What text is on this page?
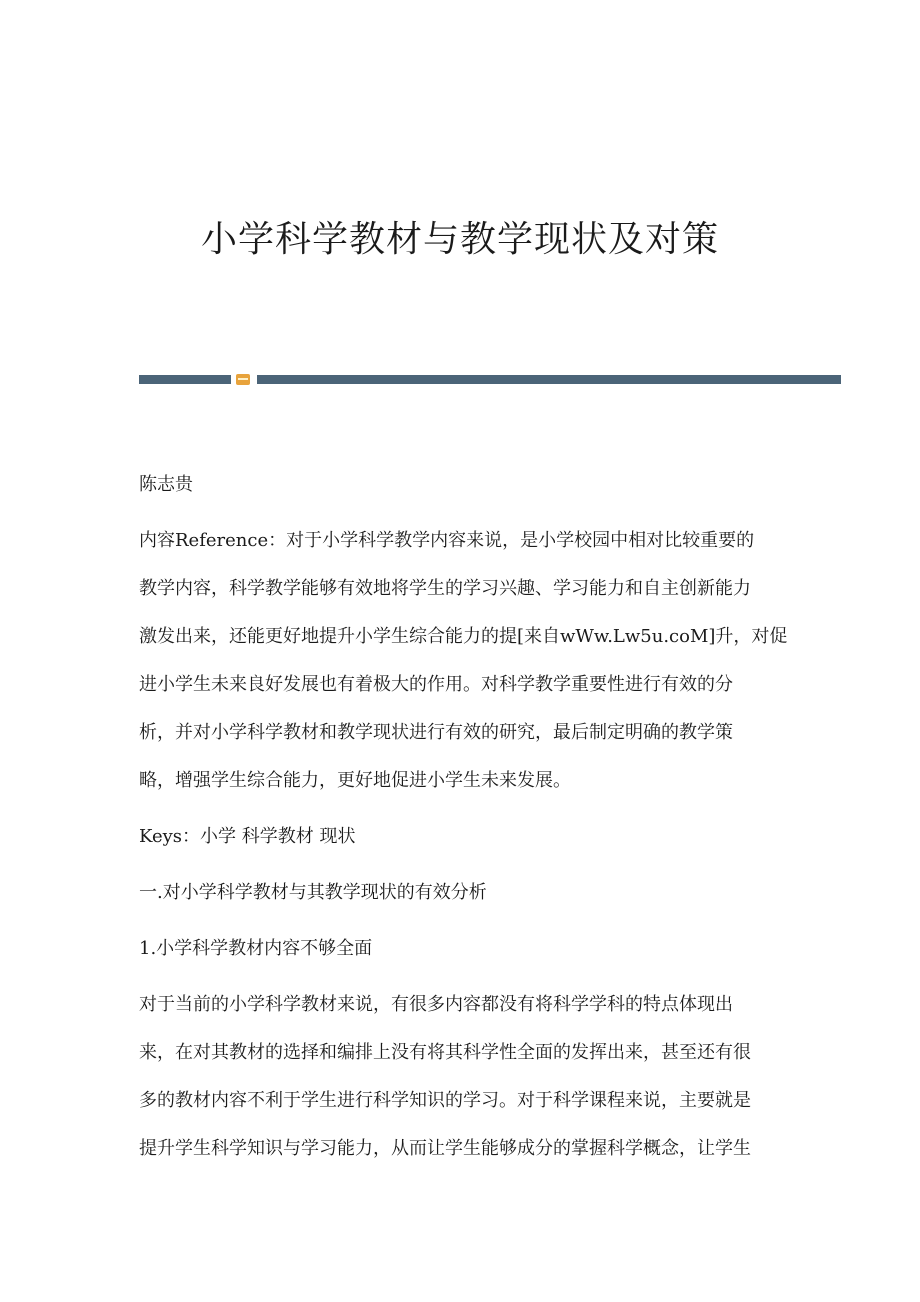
小学科学教材与教学现状及对策
陈志贵
内容Reference：对于小学科学教学内容来说，是小学校园中相对比较重要的
教学内容，科学教学能够有效地将学生的学习兴趣、学习能力和自主创新能力
激发出来，还能更好地提升小学生综合能力的提[来自wWw.Lw5u.coM]升，对促
进小学生未来良好发展也有着极大的作用。对科学教学重要性进行有效的分
析，并对小学科学教材和教学现状进行有效的研究，最后制定明确的教学策
略，增强学生综合能力，更好地促进小学生未来发展。
Keys：小学 科学教材 现状
一.对小学科学教材与其教学现状的有效分析
1.小学科学教材内容不够全面
对于当前的小学科学教材来说，有很多内容都没有将科学学科的特点体现出
来，在对其教材的选择和编排上没有将其科学性全面的发挥出来，甚至还有很
多的教材内容不利于学生进行科学知识的学习。对于科学课程来说，主要就是
提升学生科学知识与学习能力，从而让学生能够成分的掌握科学概念，让学生
